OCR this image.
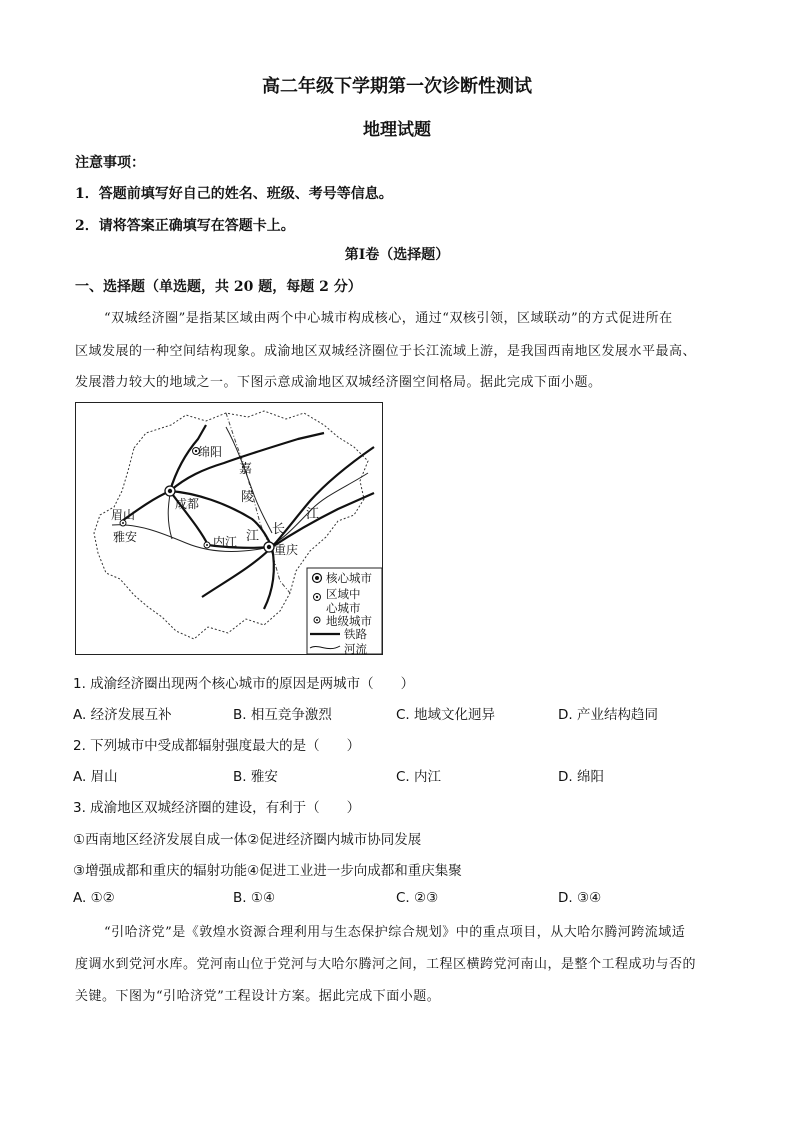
高二年级下学期第一次诊断性测试
地理试题
注意事项：
1．答题前填写好自己的姓名、班级、考号等信息。
2．请将答案正确填写在答题卡上。
第Ⅰ卷（选择题）
一、选择题（单选题，共 20 题，每题 2 分）
“双城经济圈”是指某区域由两个中心城市构成核心，通过“双核引领，区域联动”的方式促进所在
区域发展的一种空间结构现象。成渝地区双城经济圈位于长江流域上游，是我国西南地区发展水平最高、
发展潜力较大的地域之一。下图示意成渝地区双城经济圈空间格局。据此完成下面小题。
绵阳
嘉
陵
江
成都
眉山
雅安	内江 江 长
重庆
核心城市
区域中
心城市
地级城市
铁路
河流
1. 成渝经济圈出现两个核心城市的原因是两城市（　　）
A. 经济发展互补	B. 相互竞争激烈	C. 地域文化迥异	D. 产业结构趋同
2. 下列城市中受成都辐射强度最大的是（　　）
A. 眉山	B. 雅安	C. 内江	D. 绵阳
3. 成渝地区双城经济圈的建设，有利于（　　）
①西南地区经济发展自成一体②促进经济圈内城市协同发展
③增强成都和重庆的辐射功能④促进工业进一步向成都和重庆集聚
A. ①②	B. ①④	C. ②③	D. ③④
“引哈济党”是《敦煌水资源合理利用与生态保护综合规划》中的重点项目，从大哈尔腾河跨流域适
度调水到党河水库。党河南山位于党河与大哈尔腾河之间，工程区横跨党河南山，是整个工程成功与否的
关键。下图为“引哈济党”工程设计方案。据此完成下面小题。
